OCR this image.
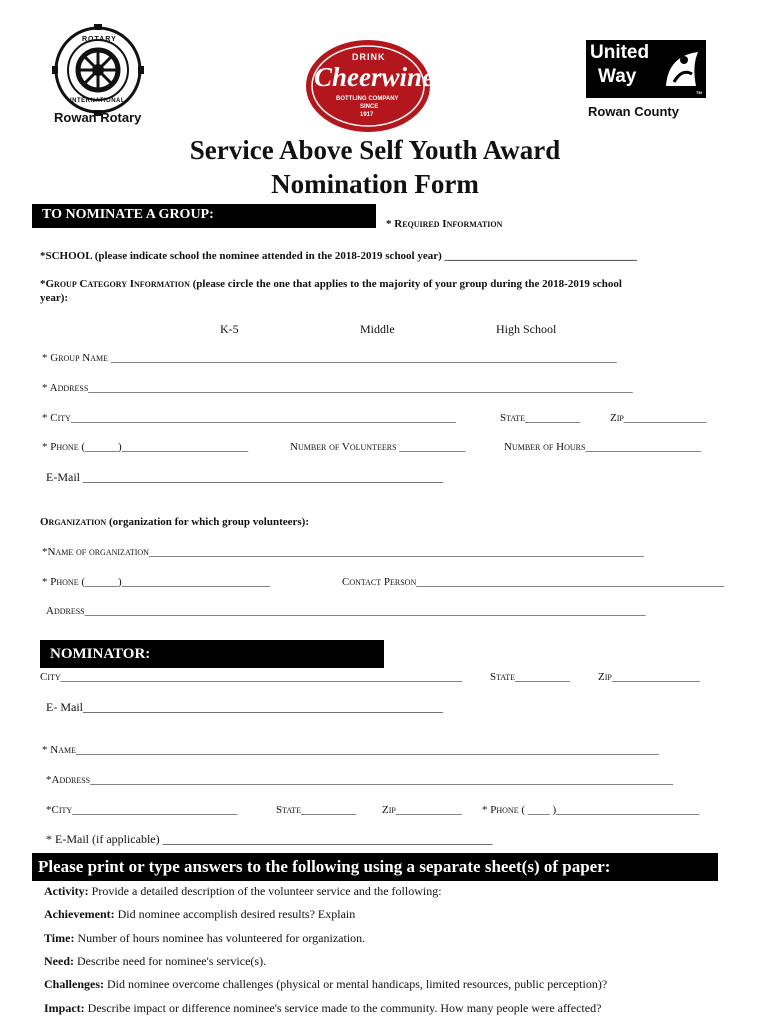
ROTARY
INTERNATIONAL
Rowan Rotary
DRINK
Cheerwine
BOTTLING COMPANY
SINCE
1917
United
Way
TM
Rowan County
Service Above Self Youth Award
Nomination Form
TO NOMINATE A GROUP:
* Required Information
*SCHOOL (please indicate school the nominee attended in the 2018-2019 school year) ___________________________________
*Group Category Information (please circle the one that applies to the majority of your group during the 2018-2019 school
year):
K-5	Middle	High School
* Group Name ____________________________________________________________________________________________
* Address___________________________________________________________________________________________________
* City______________________________________________________________________	State__________	Zip_______________
* Phone (______)_______________________	Number of Volunteers ____________	Number of Hours_____________________
E-Mail ____________________________________________________________
Organization (organization for which group volunteers):
*Name of organization__________________________________________________________________________________________
* Phone (______)___________________________	Contact Person________________________________________________________
Address______________________________________________________________________________________________________
NOMINATOR:
City_________________________________________________________________________	State__________	Zip________________
E- Mail____________________________________________________________
* Name__________________________________________________________________________________________________________
*Address__________________________________________________________________________________________________________
*City______________________________	State__________ Zip____________ * Phone ( ____ )__________________________
* E-Mail (if applicable) _______________________________________________________
Please print or type answers to the following using a separate sheet(s) of paper:
Activity: Provide a detailed description of the volunteer service and the following:
Achievement: Did nominee accomplish desired results? Explain
Time: Number of hours nominee has volunteered for organization.
Need: Describe need for nominee's service(s).
Challenges: Did nominee overcome challenges (physical or mental handicaps, limited resources, public perception)?
Impact: Describe impact or difference nominee's service made to the community. How many people were affected?
